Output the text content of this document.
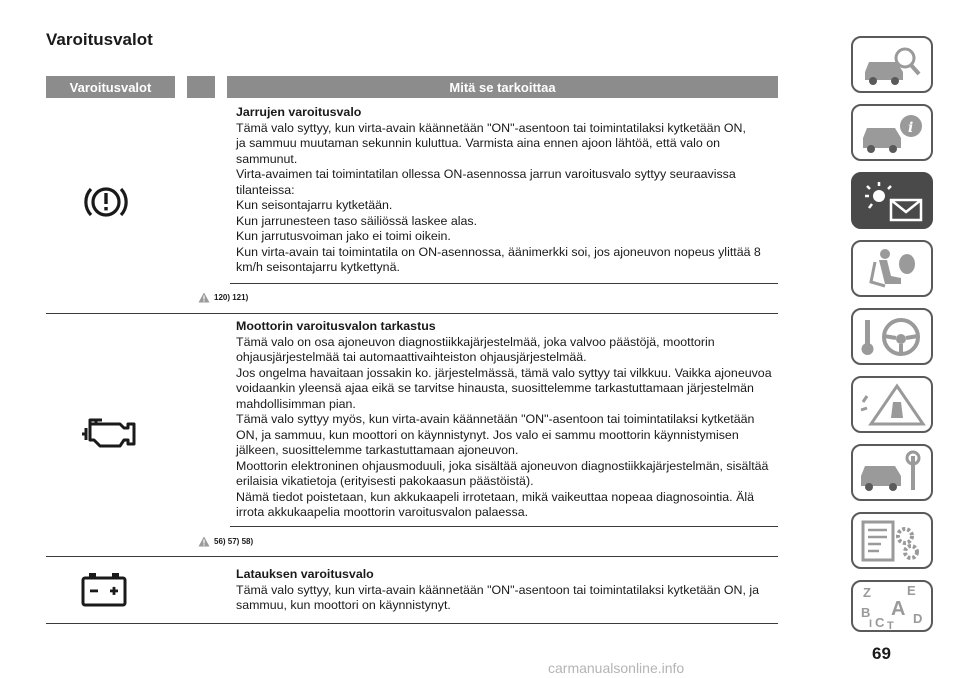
Varoitusvalot
Varoitusvalot	Mitä se tarkoittaa

Jarrujen varoitusvalo

Tämä valo syttyy, kun virta-avain käännetään "ON"-asentoon tai toimintatilaksi kytketään ON,

ja sammuu muutaman sekunnin kuluttua. Varmista aina ennen ajoon lähtöä, että valo on

sammunut.

Virta-avaimen tai toimintatilan ollessa ON-asennossa jarrun varoitusvalo syttyy seuraavissa

tilanteissa:

Kun seisontajarru kytketään.

Kun jarrunesteen taso säiliössä laskee alas.

Kun jarrutusvoiman jako ei toimi oikein.

Kun virta-avain tai toimintatila on ON-asennossa, äänimerkki soi, jos ajoneuvon nopeus ylittää 8

km/h seisontajarru kytkettynä.

120) 121)

Moottorin varoitusvalon tarkastus

Tämä valo on osa ajoneuvon diagnostiikkajärjestelmää, joka valvoo päästöjä, moottorin

ohjausjärjestelmää tai automaattivaihteiston ohjausjärjestelmää.

Jos ongelma havaitaan jossakin ko. järjestelmässä, tämä valo syttyy tai vilkkuu. Vaikka ajoneuvoa

voidaankin yleensä ajaa eikä se tarvitse hinausta, suosittelemme tarkastuttamaan järjestelmän

mahdollisimman pian.

Tämä valo syttyy myös, kun virta-avain käännetään "ON"-asentoon tai toimintatilaksi kytketään

ON, ja sammuu, kun moottori on käynnistynyt. Jos valo ei sammu moottorin käynnistymisen

jälkeen, suosittelemme tarkastuttamaan ajoneuvon.

Moottorin elektroninen ohjausmoduuli, joka sisältää ajoneuvon diagnostiikkajärjestelmän, sisältää

erilaisia vikatietoja (erityisesti pakokaasun päästöistä).

Nämä tiedot poistetaan, kun akkukaapeli irrotetaan, mikä vaikeuttaa nopeaa diagnosointia. Älä

irrota akkukaapelia moottorin varoitusvalon palaessa.

56) 57) 58)

Latauksen varoitusvalo

Tämä valo syttyy, kun virta-avain käännetään "ON"-asentoon tai toimintatilaksi kytketään ON, ja

sammuu, kun moottori on käynnistynyt.

i
Z	E
B A
C D
I T
69
carmanualsonline.info
